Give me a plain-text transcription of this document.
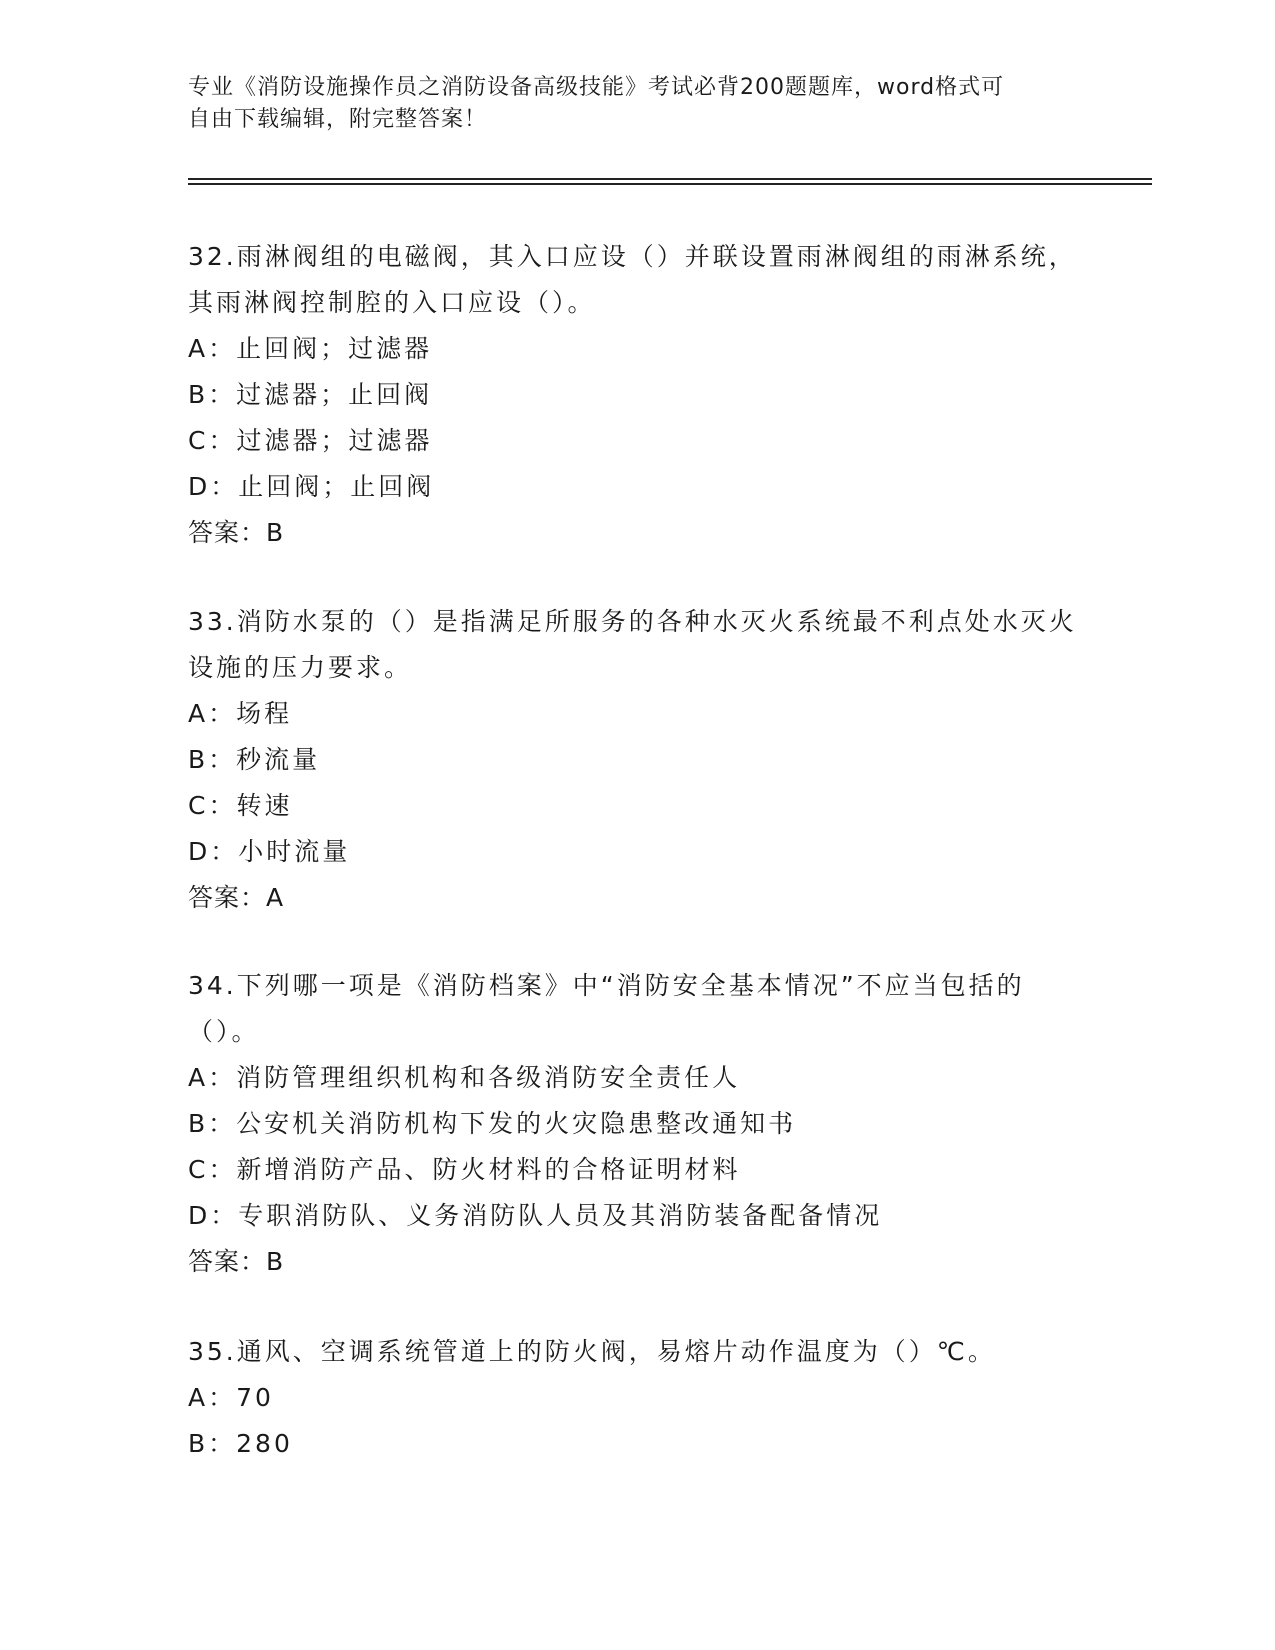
专业《消防设施操作员之消防设备高级技能》考试必背200题题库，word格式可
自由下载编辑，附完整答案！

32.雨淋阀组的电磁阀，其入口应设（）并联设置雨淋阀组的雨淋系统，其雨淋阀控制腔的入口应设（）。

A：止回阀；过滤器

B：过滤器；止回阀

C：过滤器；过滤器

D：止回阀；止回阀

答案：B

33.消防水泵的（）是指满足所服务的各种水灭火系统最不利点处水灭火设施的压力要求。

A：场程

B：秒流量

C：转速

D：小时流量

答案：A

34.下列哪一项是《消防档案》中“消防安全基本情况”不应当包括的（）。

A：消防管理组织机构和各级消防安全责任人

B：公安机关消防机构下发的火灾隐患整改通知书

C：新增消防产品、防火材料的合格证明材料

D：专职消防队、义务消防队人员及其消防装备配备情况

答案：B

35.通风、空调系统管道上的防火阀，易熔片动作温度为（）℃。

A：70

B：280
